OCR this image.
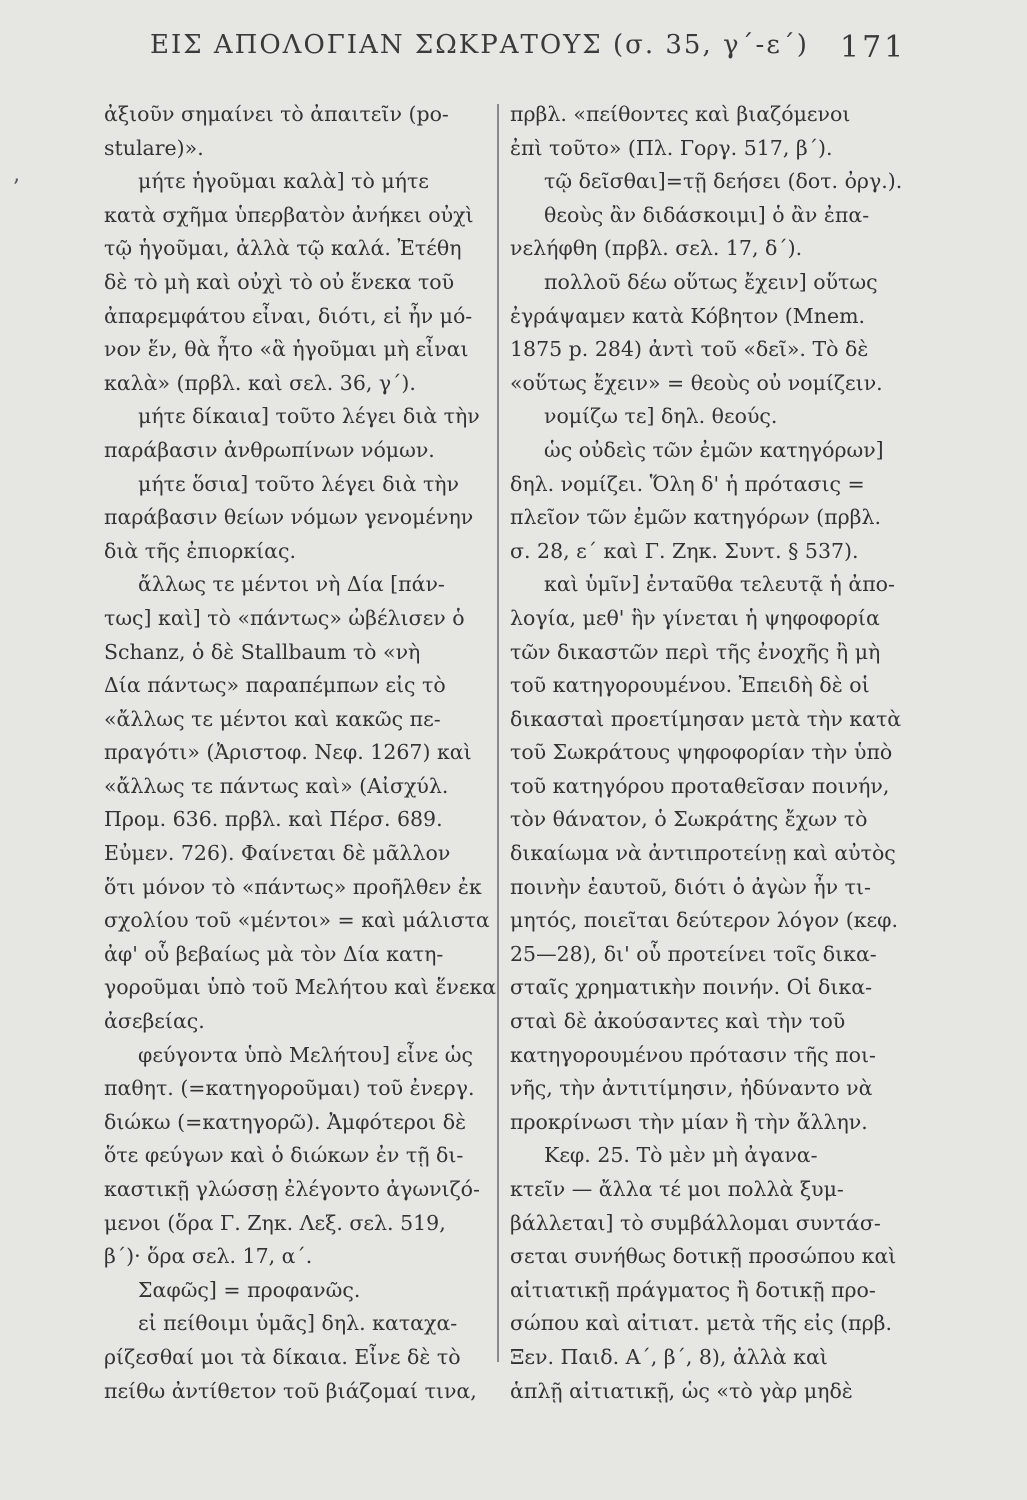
ΕΙΣ ΑΠΟΛΟΓΙΑΝ ΣΩΚΡΑΤΟΥΣ (σ. 35, γ΄-ε΄) 171
ʼ

ἀξιοῦν σημαίνει τὸ ἀπαιτεῖν (po-

stulare)».

μήτε ἡγοῦμαι καλὰ] τὸ μήτε

κατὰ σχῆμα ὑπερβατὸν ἀνήκει οὐχὶ

τῷ ἡγοῦμαι, ἀλλὰ τῷ καλά. Ἐτέθη

δὲ τὸ μὴ καὶ οὐχὶ τὸ οὐ ἕνεκα τοῦ

ἀπαρεμφάτου εἶναι, διότι, εἰ ἦν μό-

νον ἕν, θὰ ἦτο «ἃ ἡγοῦμαι μὴ εἶναι

καλὰ» (πρβλ. καὶ σελ. 36, γ΄).

μήτε δίκαια] τοῦτο λέγει διὰ τὴν

παράβασιν ἀνθρωπίνων νόμων.

μήτε ὅσια] τοῦτο λέγει διὰ τὴν

παράβασιν θείων νόμων γενομένην

διὰ τῆς ἐπιορκίας.

ἄλλως τε μέντοι νὴ Δία [πάν-

τως] καὶ] τὸ «πάντως» ὠβέλισεν ὁ

Schanz, ὁ δὲ Stallbaum τὸ «νὴ

Δία πάντως» παραπέμπων εἰς τὸ

«ἄλλως τε μέντοι καὶ κακῶς πε-

πραγότι» (Ἀριστοφ. Νεφ. 1267) καὶ

«ἄλλως τε πάντως καὶ» (Αἰσχύλ.

Προμ. 636. πρβλ. καὶ Πέρσ. 689.

Εὐμεν. 726). Φαίνεται δὲ μᾶλλον

ὅτι μόνον τὸ «πάντως» προῆλθεν ἐκ

σχολίου τοῦ «μέντοι» = καὶ μάλιστα

ἀφ' οὗ βεβαίως μὰ τὸν Δία κατη-

γοροῦμαι ὑπὸ τοῦ Μελήτου καὶ ἕνεκα

ἀσεβείας.

φεύγοντα ὑπὸ Μελήτου] εἶνε ὡς

παθητ. (=κατηγοροῦμαι) τοῦ ἐνεργ.

διώκω (=κατηγορῶ). Ἀμφότεροι δὲ

ὅτε φεύγων καὶ ὁ διώκων ἐν τῇ δι-

καστικῇ γλώσσῃ ἐλέγοντο ἀγωνιζό-

μενοι (ὅρα Γ. Ζηκ. Λεξ. σελ. 519,

β΄)· ὅρα σελ. 17, α΄.

Σαφῶς] = προφανῶς.

εἰ πείθοιμι ὑμᾶς] δηλ. καταχα-

ρίζεσθαί μοι τὰ δίκαια. Εἶνε δὲ τὸ

πείθω ἀντίθετον τοῦ βιάζομαί τινα,

πρβλ. «πείθοντες καὶ βιαζόμενοι

ἐπὶ τοῦτο» (Πλ. Γοργ. 517, β΄).

τῷ δεῖσθαι]=τῇ δεήσει (δοτ. ὀργ.).

θεοὺς ἂν διδάσκοιμι] ὁ ἂν ἐπα-

νελήφθη (πρβλ. σελ. 17, δ΄).

πολλοῦ δέω οὕτως ἔχειν] οὕτως

ἐγράψαμεν κατὰ Κόβητον (Mnem.

1875 p. 284) ἀντὶ τοῦ «δεῖ». Τὸ δὲ

«οὕτως ἔχειν» = θεοὺς οὐ νομίζειν.

νομίζω τε] δηλ. θεούς.

ὡς οὐδεὶς τῶν ἐμῶν κατηγόρων]

δηλ. νομίζει. Ὅλη δ' ἡ πρότασις =

πλεῖον τῶν ἐμῶν κατηγόρων (πρβλ.

σ. 28, ε΄ καὶ Γ. Ζηκ. Συντ. § 537).

καὶ ὑμῖν] ἐνταῦθα τελευτᾷ ἡ ἀπο-

λογία, μεθ' ἣν γίνεται ἡ ψηφοφορία

τῶν δικαστῶν περὶ τῆς ἐνοχῆς ἢ μὴ

τοῦ κατηγορουμένου. Ἐπειδὴ δὲ οἱ

δικασταὶ προετίμησαν μετὰ τὴν κατὰ

τοῦ Σωκράτους ψηφοφορίαν τὴν ὑπὸ

τοῦ κατηγόρου προταθεῖσαν ποινήν,

τὸν θάνατον, ὁ Σωκράτης ἔχων τὸ

δικαίωμα νὰ ἀντιπροτείνῃ καὶ αὐτὸς

ποινὴν ἑαυτοῦ, διότι ὁ ἀγὼν ἦν τι-

μητός, ποιεῖται δεύτερον λόγον (κεφ.

25—28), δι' οὗ προτείνει τοῖς δικα-

σταῖς χρηματικὴν ποινήν. Οἱ δικα-

σταὶ δὲ ἀκούσαντες καὶ τὴν τοῦ

κατηγορουμένου πρότασιν τῆς ποι-

νῆς, τὴν ἀντιτίμησιν, ἠδύναντο νὰ

προκρίνωσι τὴν μίαν ἢ τὴν ἄλλην.

Κεφ. 25. Τὸ μὲν μὴ ἀγανα-

κτεῖν — ἄλλα τέ μοι πολλὰ ξυμ-

βάλλεται] τὸ συμβάλλομαι συντάσ-

σεται συνήθως δοτικῇ προσώπου καὶ

αἰτιατικῇ πράγματος ἢ δοτικῇ προ-

σώπου καὶ αἰτιατ. μετὰ τῆς εἰς (πρβ.

Ξεν. Παιδ. Α΄, β΄, 8), ἀλλὰ καὶ

ἁπλῇ αἰτιατικῇ, ὡς «τὸ γὰρ μηδὲ
